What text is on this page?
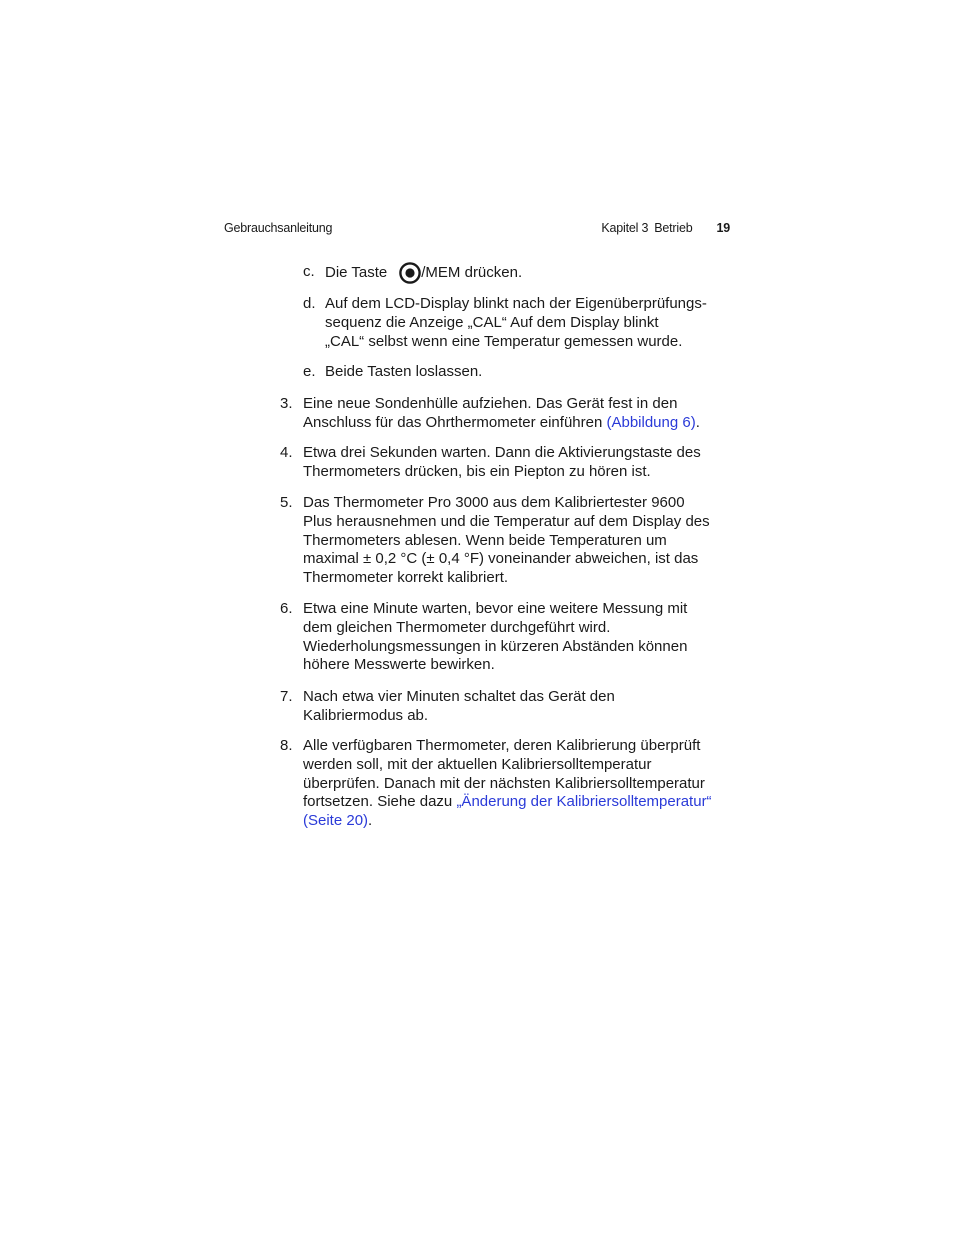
Gebrauchsanleitung	Kapitel 3 Betrieb 19
c. Die Taste /MEM drücken.
d. Auf dem LCD-Display blinkt nach der Eigenüberprüfungs-
sequenz die Anzeige „CAL“ Auf dem Display blinkt
„CAL“ selbst wenn eine Temperatur gemessen wurde.
e. Beide Tasten loslassen.
3. Eine neue Sondenhülle aufziehen. Das Gerät fest in den
Anschluss für das Ohrthermometer einführen (Abbildung 6).
4. Etwa drei Sekunden warten. Dann die Aktivierungstaste des
Thermometers drücken, bis ein Piepton zu hören ist.
5. Das Thermometer Pro 3000 aus dem Kalibriertester 9600
Plus herausnehmen und die Temperatur auf dem Display des
Thermometers ablesen. Wenn beide Temperaturen um
maximal ± 0,2 °C (± 0,4 °F) voneinander abweichen, ist das
Thermometer korrekt kalibriert.
6. Etwa eine Minute warten, bevor eine weitere Messung mit
dem gleichen Thermometer durchgeführt wird.
Wiederholungsmessungen in kürzeren Abständen können
höhere Messwerte bewirken.
7. Nach etwa vier Minuten schaltet das Gerät den
Kalibriermodus ab.
8. Alle verfügbaren Thermometer, deren Kalibrierung überprüft
werden soll, mit der aktuellen Kalibriersolltemperatur
überprüfen. Danach mit der nächsten Kalibriersolltemperatur
fortsetzen. Siehe dazu „Änderung der Kalibriersolltemperatur“
(Seite 20).
